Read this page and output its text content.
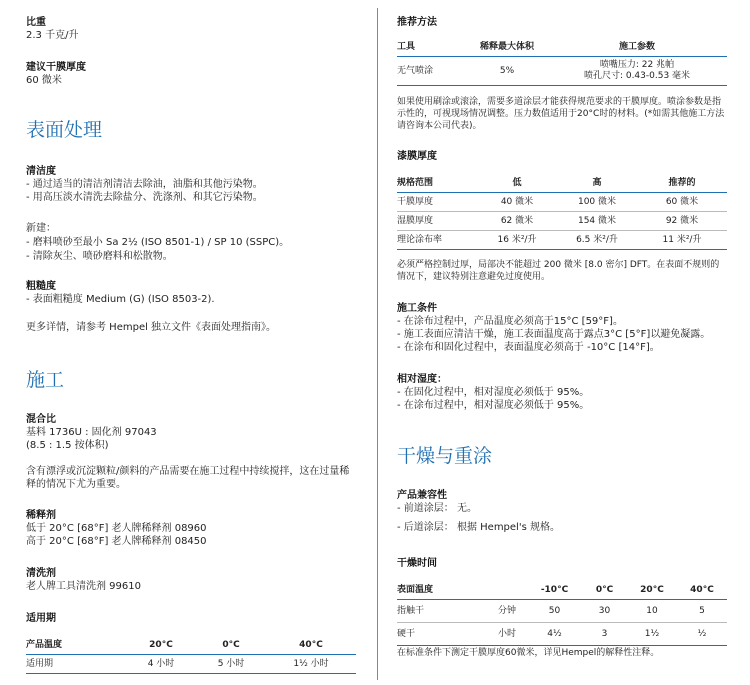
比重
2.3 千克/升
建议干膜厚度
60 微米
表面处理
清洁度
- 通过适当的清洁剂清洁去除油，油脂和其他污染物。
- 用高压淡水清洗去除盐分、洗涤剂、和其它污染物。
新建：
- 磨料喷砂至最小 Sa 2½ (ISO 8501-1) / SP 10 (SSPC)。
- 清除灰尘、喷砂磨料和松散物。
粗糙度
- 表面粗糙度 Medium (G) (ISO 8503-2).
更多详情，请参考 Hempel 独立文件《表面处理指南》。
施工
混合比
基料 1736U : 固化剂 97043
(8.5 : 1.5 按体积)
含有漂浮或沉淀颗粒/颜料的产品需要在施工过程中持续搅拌，这在过量稀释的情况下尤为重要。
稀释剂
低于 20°C [68°F] 老人牌稀释剂 08960
高于 20°C [68°F] 老人牌稀释剂 08450
清洗剂
老人牌工具清洗剂 99610
适用期
产品温度	20°C	0°C	40°C
适用期	4 小时	5 小时	1½ 小时
推荐方法
工具	稀释最大体积	施工参数
无气喷涂	5%	喷嘴压力: 22 兆帕
喷孔尺寸: 0.43-0.53 毫米
如果使用刷涂或滚涂，需要多道涂层才能获得规范要求的干膜厚度。喷涂参数是指示性的，可视现场情况调整。压力数值适用于20°C时的材料。(*如需其他施工方法请咨询本公司代表)。
漆膜厚度
规格范围	低	高	推荐的
干膜厚度	40 微米	100 微米	60 微米
湿膜厚度	62 微米	154 微米	92 微米
理论涂布率	16 米²/升	6.5 米²/升	11 米²/升
必须严格控制过厚，局部决不能超过 200 微米 [8.0 密尔] DFT。在表面不规则的情况下，建议特别注意避免过度使用。
施工条件
- 在涂布过程中，产品温度必须高于15°C [59°F]。
- 施工表面应清洁干燥，施工表面温度高于露点3°C [5°F]以避免凝露。
- 在涂布和固化过程中，表面温度必须高于 -10°C [14°F]。
相对湿度：
- 在固化过程中，相对湿度必须低于 95%。
- 在涂布过程中，相对湿度必须低于 95%。
干燥与重涂
产品兼容性
- 前道涂层： 无。
- 后道涂层： 根据 Hempel's 规格。
干燥时间
表面温度		-10°C	0°C	20°C	40°C
指触干	分钟	50	30	10	5
硬干	小时	4½	3	1½	½
在标准条件下测定干膜厚度60微米，详见Hempel的解释性注释。
